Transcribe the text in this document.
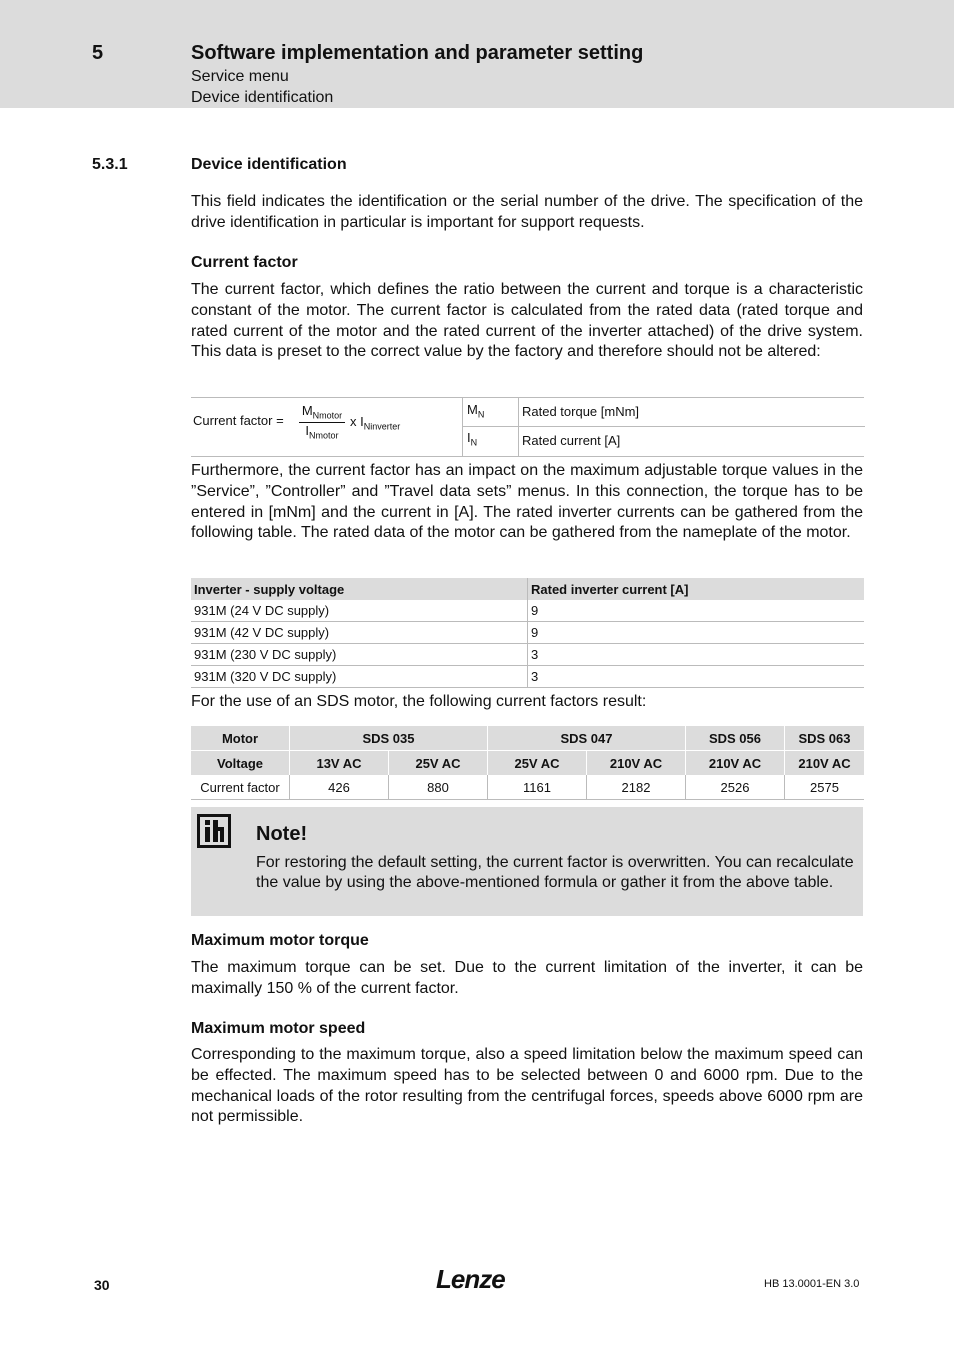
5	Software implementation and parameter setting
Service menu
Device identification
5.3.1	Device identification

This field indicates the identification or the serial number of the drive. The specification of the drive identification in particular is important for support requests.

Current factor

The current factor, which defines the ratio between the current and torque is a characteristic constant of the motor. The current factor is calculated from the rated data (rated torque and rated current of the motor and the rated current of the inverter attached) of the drive system. This data is preset to the correct value by the factory and therefore should not be altered:

Current factor =
$M_{Nmotor}$
$I_{Nmotor}$
x $I_{Ninverter}$
$M_N$	Rated torque [mNm]
$I_N$	Rated current [A]

Furthermore, the current factor has an impact on the maximum adjustable torque values in the ”Service”, ”Controller” and ”Travel data sets” menus. In this connection, the torque has to be entered in [mNm] and the current in [A]. The rated inverter currents can be gathered from the following table. The rated data of the motor can be gathered from the nameplate of the motor.

Inverter - supply voltage	Rated inverter current [A]
931M (24 V DC supply)	9
931M (42 V DC supply)	9
931M (230 V DC supply)	3
931M (320 V DC supply)	3

For the use of an SDS motor, the following current factors result:

Motor	SDS 035		SDS 047		SDS 056	SDS 063
Voltage	13V AC	25V AC	25V AC	210V AC	210V AC	210V AC
Current factor	426	880	1161	2182	2526	2575
Note!

For restoring the default setting, the current factor is overwritten. You can recalculate the value by using the above-mentioned formula or gather it from the above table.

Maximum motor torque

The maximum torque can be set. Due to the current limitation of the inverter, it can be maximally 150 % of the current factor.

Maximum motor speed

Corresponding to the maximum torque, also a speed limitation below the maximum speed can be effected. The maximum speed has to be selected between 0 and 6000 rpm. Due to the mechanical loads of the rotor resulting from the centrifugal forces, speeds above 6000 rpm are not permissible.

30	Lenze	HB 13.0001-EN 3.0
